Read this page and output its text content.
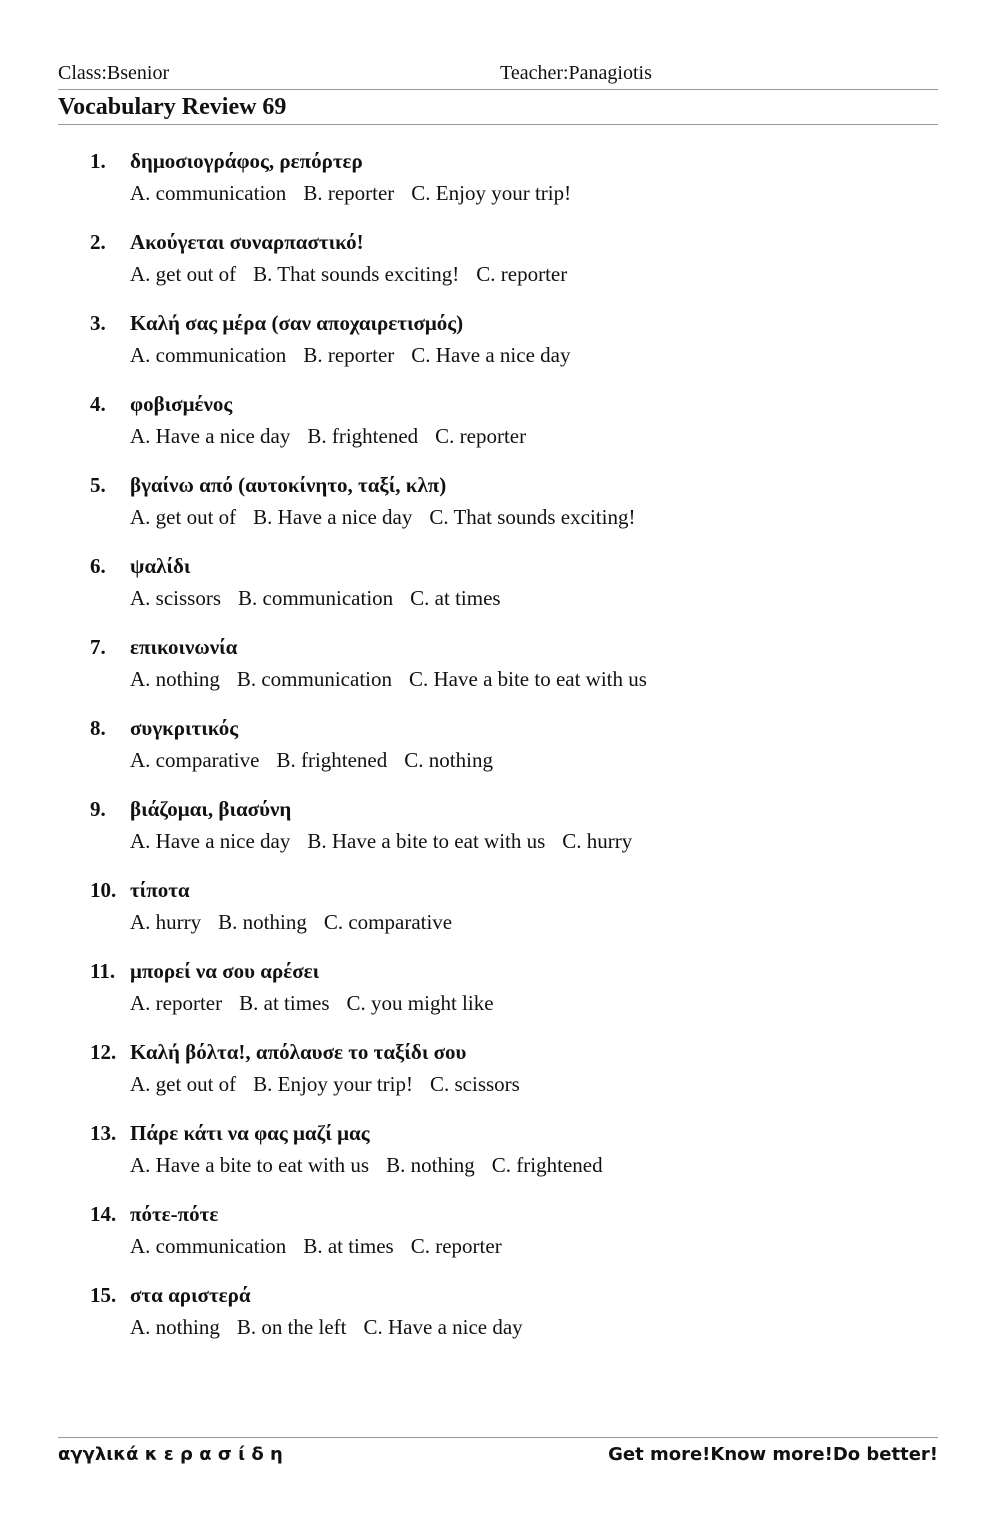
Class:Bsenior	Teacher:Panagiotis
Vocabulary Review 69
1.	δημοσιογράφος, ρεπόρτερ
A. communication B. reporter C. Enjoy your trip!
2.	Ακούγεται συναρπαστικό!
A. get out of B. That sounds exciting! C. reporter
3.	Καλή σας μέρα (σαν αποχαιρετισμός)
A. communication B. reporter C. Have a nice day
4.	φοβισμένος
A. Have a nice day B. frightened C. reporter
5.	βγαίνω από (αυτοκίνητο, ταξί, κλπ)
A. get out of B. Have a nice day C. That sounds exciting!
6.	ψαλίδι
A. scissors B. communication C. at times
7.	επικοινωνία
A. nothing B. communication C. Have a bite to eat with us
8.	συγκριτικός
A. comparative B. frightened C. nothing
9.	βιάζομαι, βιασύνη
A. Have a nice day B. Have a bite to eat with us C. hurry
10. τίποτα
A. hurry B. nothing C. comparative
11. μπορεί να σου αρέσει
A. reporter B. at times C. you might like
12. Καλή βόλτα!, απόλαυσε το ταξίδι σου
A. get out of B. Enjoy your trip! C. scissors
13. Πάρε κάτι να φας μαζί μας
A. Have a bite to eat with us B. nothing C. frightened
14. πότε-πότε
A. communication B. at times C. reporter
15. στα αριστερά
A. nothing B. on the left C. Have a nice day
αγγλικά κ ε ρ α σ ί δ η	Get more!Know more!Do better!
